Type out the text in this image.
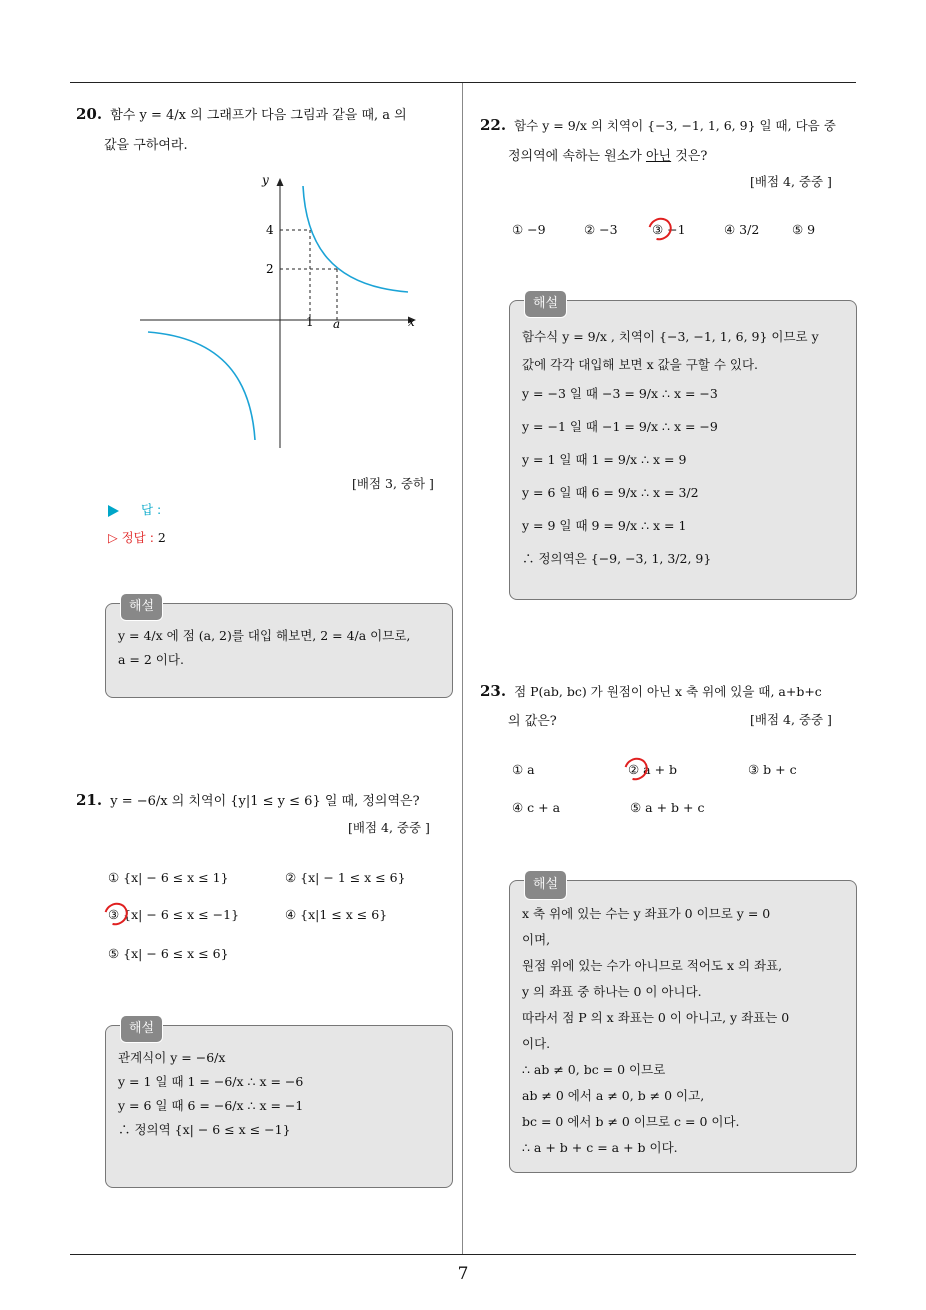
20. 함수 y = 4/x 의 그래프가 다음 그림과 같을 때, a 의
값을 구하여라.
y
x
4
2
1 a
[배점 3, 중하 ]
답 :
▷ 정답 : 2
해설
y = 4/x 에 점 (a, 2)를 대입 해보면, 2 = 4/a 이므로,
a = 2 이다.
21. y = −6/x 의 치역이 {y|1 ≤ y ≤ 6} 일 때, 정의역은?
[배점 4, 중중 ]
① {x| − 6 ≤ x ≤ 1}	② {x| − 1 ≤ x ≤ 6}
③ {x| − 6 ≤ x ≤ −1}	④ {x|1 ≤ x ≤ 6}
⑤ {x| − 6 ≤ x ≤ 6}
해설
관계식이 y = −6/x
y = 1 일 때 1 = −6/x ∴ x = −6
y = 6 일 때 6 = −6/x ∴ x = −1
∴ 정의역 {x| − 6 ≤ x ≤ −1}
22. 함수 y = 9/x 의 치역이 {−3, −1, 1, 6, 9} 일 때, 다음 중
정의역에 속하는 원소가 아닌 것은?
[배점 4, 중중 ]
① −9	② −3	③ −1	④ 3/2	⑤ 9
해설
함수식 y = 9/x , 치역이 {−3, −1, 1, 6, 9} 이므로 y
값에 각각 대입해 보면 x 값을 구할 수 있다.
y = −3 일 때 −3 = 9/x ∴ x = −3
y = −1 일 때 −1 = 9/x ∴ x = −9
y = 1 일 때 1 = 9/x ∴ x = 9
y = 6 일 때 6 = 9/x ∴ x = 3/2
y = 9 일 때 9 = 9/x ∴ x = 1
∴ 정의역은 {−9, −3, 1, 3/2, 9}
23. 점 P(ab, bc) 가 원점이 아닌 x 축 위에 있을 때, a+b+c
의 값은?	[배점 4, 중중 ]
① a	② a + b	③ b + c
④ c + a	⑤ a + b + c
해설
x 축 위에 있는 수는 y 좌표가 0 이므로 y = 0
이며,
원점 위에 있는 수가 아니므로 적어도 x 의 좌표,
y 의 좌표 중 하나는 0 이 아니다.
따라서 점 P 의 x 좌표는 0 이 아니고, y 좌표는 0
이다.
∴ ab ≠ 0, bc = 0 이므로
ab ≠ 0 에서 a ≠ 0, b ≠ 0 이고,
bc = 0 에서 b ≠ 0 이므로 c = 0 이다.
∴ a + b + c = a + b 이다.
7
